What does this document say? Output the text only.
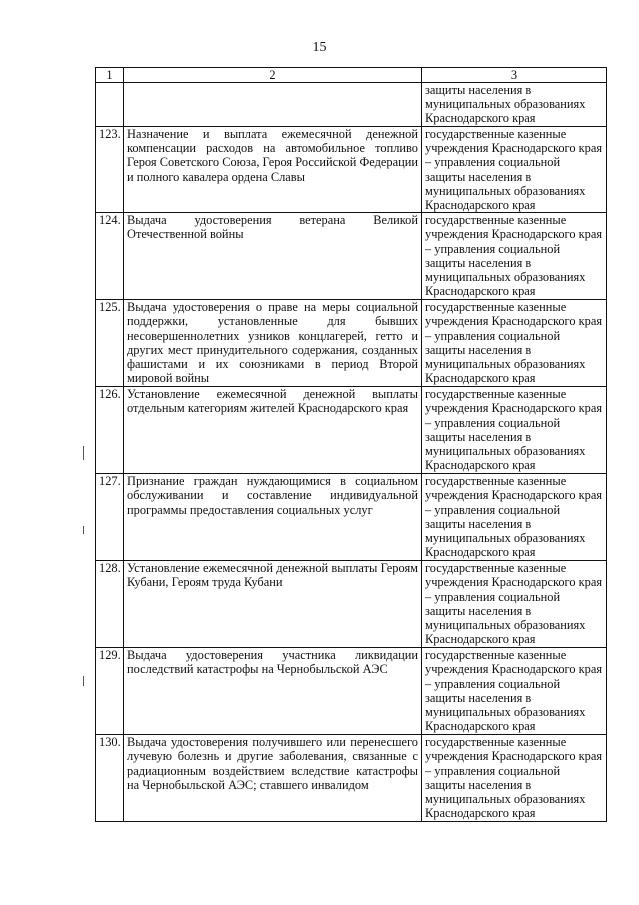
15
1	2	3
		защиты населения в муниципальных образованиях Краснодарского края
123.	Назначение и выплата ежемесячной денежной компенсации расходов на автомобильное топливо Героя Советского Союза, Героя Российской Федерации и полного кавалера ордена Славы	государственные казенные учреждения Краснодарского края – управления социальной защиты населения в муниципальных образованиях Краснодарского края
124.	Выдача удостоверения ветерана Великой Отечественной войны	государственные казенные учреждения Краснодарского края – управления социальной защиты населения в муниципальных образованиях Краснодарского края
125.	Выдача удостоверения о праве на меры социальной поддержки, установленные для бывших несовершеннолетних узников концлагерей, гетто и других мест принудительного содержания, созданных фашистами и их союзниками в период Второй мировой войны	государственные казенные учреждения Краснодарского края – управления социальной защиты населения в муниципальных образованиях Краснодарского края
126.	Установление ежемесячной денежной выплаты отдельным категориям жителей Краснодарского края	государственные казенные учреждения Краснодарского края – управления социальной защиты населения в муниципальных образованиях Краснодарского края
127.	Признание граждан нуждающимися в социальном обслуживании и составление индивидуальной программы предоставления социальных услуг	государственные казенные учреждения Краснодарского края – управления социальной защиты населения в муниципальных образованиях Краснодарского края
128.	Установление ежемесячной денежной выплаты Героям Кубани, Героям труда Кубани	государственные казенные учреждения Краснодарского края – управления социальной защиты населения в муниципальных образованиях Краснодарского края
129.	Выдача удостоверения участника ликвидации последствий катастрофы на Чернобыльской АЭС	государственные казенные учреждения Краснодарского края – управления социальной защиты населения в муниципальных образованиях Краснодарского края
130.	Выдача удостоверения получившего или перенесшего лучевую болезнь и другие заболевания, связанные с радиационным воздействием вследствие катастрофы на Чернобыльской АЭС; ставшего инвалидом	государственные казенные учреждения Краснодарского края – управления социальной защиты населения в муниципальных образованиях Краснодарского края
